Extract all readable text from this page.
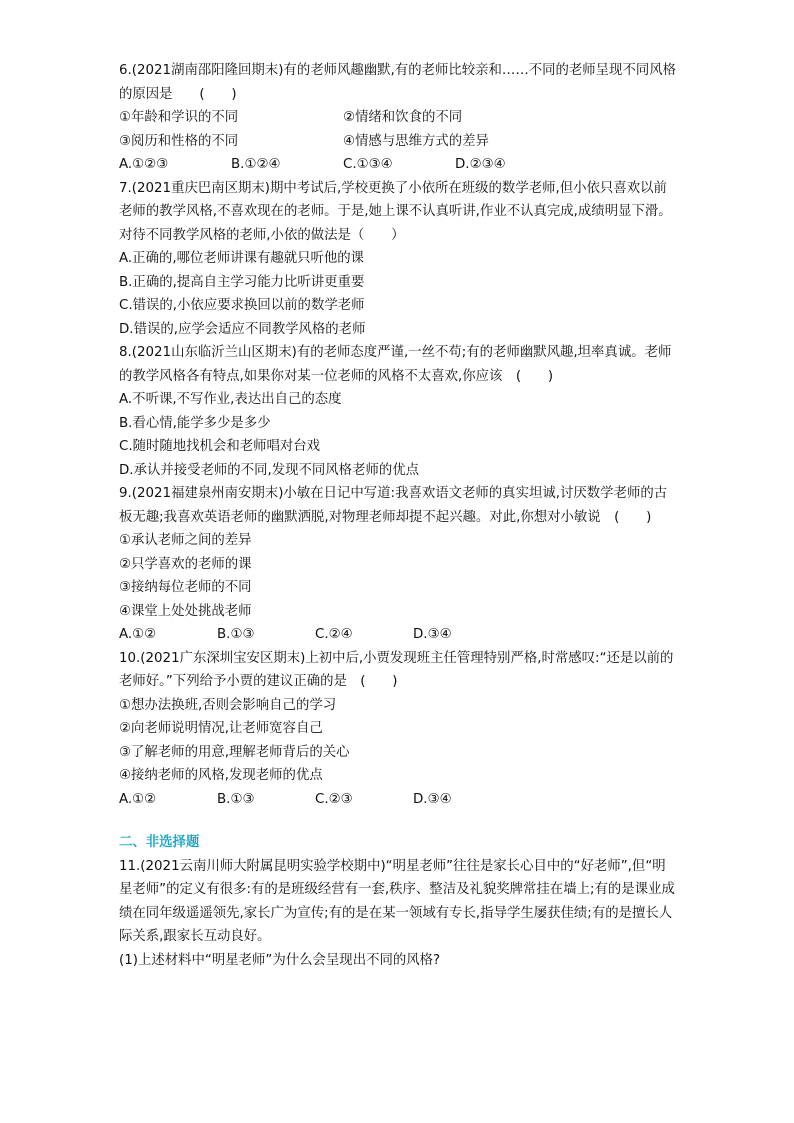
6.(2021湖南邵阳隆回期末)有的老师风趣幽默,有的老师比较亲和……不同的老师呈现不同风格的原因是　　(　　)

①年龄和学识的不同	②情绪和饮食的不同
③阅历和性格的不同	④情感与思维方式的差异
A.①②③	B.①②④	C.①③④	D.②③④

7.(2021重庆巴南区期末)期中考试后,学校更换了小依所在班级的数学老师,但小依只喜欢以前老师的教学风格,不喜欢现在的老师。于是,她上课不认真听讲,作业不认真完成,成绩明显下滑。对待不同教学风格的老师,小依的做法是（　　）

A.正确的,哪位老师讲课有趣就只听他的课

B.正确的,提高自主学习能力比听讲更重要

C.错误的,小依应要求换回以前的数学老师

D.错误的,应学会适应不同教学风格的老师

8.(2021山东临沂兰山区期末)有的老师态度严谨,一丝不苟;有的老师幽默风趣,坦率真诚。老师的教学风格各有特点,如果你对某一位老师的风格不太喜欢,你应该　(　　)

A.不听课,不写作业,表达出自己的态度

B.看心情,能学多少是多少

C.随时随地找机会和老师唱对台戏

D.承认并接受老师的不同,发现不同风格老师的优点

9.(2021福建泉州南安期末)小敏在日记中写道:我喜欢语文老师的真实坦诚,讨厌数学老师的古板无趣;我喜欢英语老师的幽默洒脱,对物理老师却提不起兴趣。对此,你想对小敏说　(　　)

①承认老师之间的差异

②只学喜欢的老师的课

③接纳每位老师的不同

④课堂上处处挑战老师

A.①②	B.①③	C.②④	D.③④

10.(2021广东深圳宝安区期末)上初中后,小贾发现班主任管理特别严格,时常感叹:“还是以前的老师好。”下列给予小贾的建议正确的是　(　　)

①想办法换班,否则会影响自己的学习

②向老师说明情况,让老师宽容自己

③了解老师的用意,理解老师背后的关心

④接纳老师的风格,发现老师的优点

A.①②	B.①③	C.②③	D.③④

二、非选择题

11.(2021云南川师大附属昆明实验学校期中)“明星老师”往往是家长心目中的“好老师”,但“明星老师”的定义有很多:有的是班级经营有一套,秩序、整洁及礼貌奖牌常挂在墙上;有的是课业成绩在同年级遥遥领先,家长广为宣传;有的是在某一领域有专长,指导学生屡获佳绩;有的是擅长人际关系,跟家长互动良好。

(1)上述材料中“明星老师”为什么会呈现出不同的风格?
